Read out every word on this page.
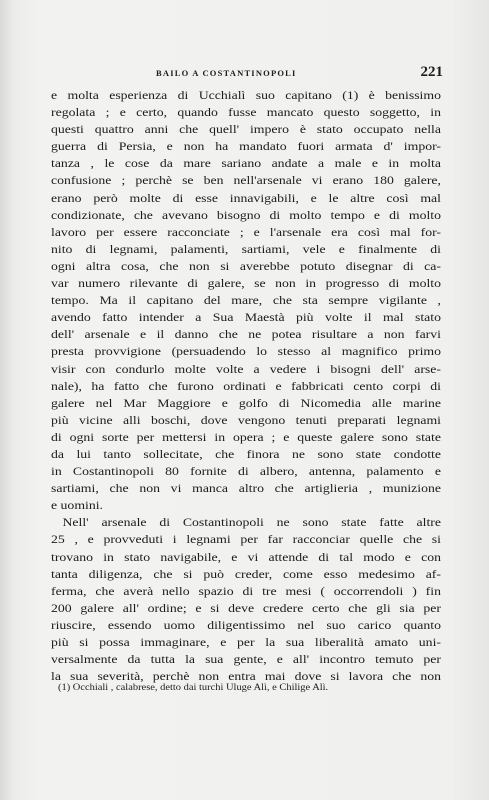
BAILO A COSTANTINOPOLI	221
e molta esperienza di Ucchialì suo capitano (1) è benissimo
regolata ; e certo, quando fusse mancato questo soggetto, in
questi quattro anni che quell' impero è stato occupato nella
guerra di Persia, e non ha mandato fuori armata d' impor-
tanza , le cose da mare sariano andate a male e in molta
confusione ; perchè se ben nell'arsenale vi erano 180 galere,
erano però molte di esse innavigabili, e le altre così mal
condizionate, che avevano bisogno di molto tempo e di molto
lavoro per essere racconciate ; e l'arsenale era così mal for-
nito di legnami, palamenti, sartiami, vele e finalmente di
ogni altra cosa, che non si averebbe potuto disegnar di ca-
var numero rilevante di galere, se non in progresso di molto
tempo. Ma il capitano del mare, che sta sempre vigilante ,
avendo fatto intender a Sua Maestà più volte il mal stato
dell' arsenale e il danno che ne potea risultare a non farvi
presta provvigione (persuadendo lo stesso al magnifico primo
visir con condurlo molte volte a vedere i bisogni dell' arse-
nale), ha fatto che furono ordinati e fabbricati cento corpi di
galere nel Mar Maggiore e golfo di Nicomedia alle marine
più vicine alli boschi, dove vengono tenuti preparati legnami
di ogni sorte per mettersi in opera ; e queste galere sono state
da lui tanto sollecitate, che finora ne sono state condotte
in Costantinopoli 80 fornite di albero, antenna, palamento e
sartiami, che non vi manca altro che artiglieria , munizione
e uomini.
Nell' arsenale di Costantinopoli ne sono state fatte altre
25 , e provveduti i legnami per far racconciar quelle che si
trovano in stato navigabile, e vi attende di tal modo e con
tanta diligenza, che si può creder, come esso medesimo af-
ferma, che averà nello spazio di tre mesi ( occorrendoli ) fin
200 galere all' ordine; e si deve credere certo che gli sia per
riuscire, essendo uomo diligentissimo nel suo carico quanto
più si possa immaginare, e per la sua liberalità amato uni-
versalmente da tutta la sua gente, e all' incontro temuto per
la sua severità, perchè non entra mai dove si lavora che non
(1) Occhiali , calabrese, detto dai turchi Uluge Alì, e Chilige Alì.
